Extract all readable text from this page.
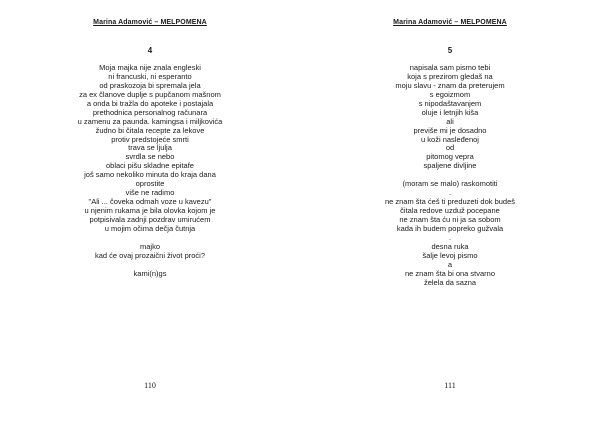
Marina Adamović – MELPOMENA
4
Moja majka nije znala engleski
ni francuski, ni esperanto
od praskozoja bi spremala jela
za ex članove duplje s pupčanom mašnom
a onda bi tražla do apoteke i postajala
prethodnica personalnog računara
u zamenu za paunda. kamingsa i miljkovića
žudno bi čitala recepte za lekove
protiv predstojeće smrti
trava se ljulja
svrdla se nebo
oblaci pišu skladne epitafe
još samo nekoliko minuta do kraja dana
oprostite
više ne radimo
"Ali ... čoveka odmah voze u kavezu"
u njenim rukama je bila olovka kojom je
potpisivala zadnji pozdrav umirućem
u mojim očima dečja čutnja
majko
kad će ovaj prozaični život proći?
kami(n)gs
110
Marina Adamović – MELPOMENA
5
napisala sam pismo tebi
koja s prezirom gledaš na
moju slavu - znam da preterujem
s egoizmom
s nipodaštavanjem
oluje i letnjih kiša
ali
previše mi je dosadno
u koži nasleđenoj
od
pitomog vepra
spaljene divljine
(moram se malo) raskomotiti
.
ne znam šta ćeš ti preduzeti dok budeš
čitala redove uzduž pocepane
ne znam šta ću ni ja sa sobom
kada ih budem popreko gužvala
.
desna ruka
šalje levoj pismo
a
ne znam šta bi ona stvarno
želela da sazna
111
